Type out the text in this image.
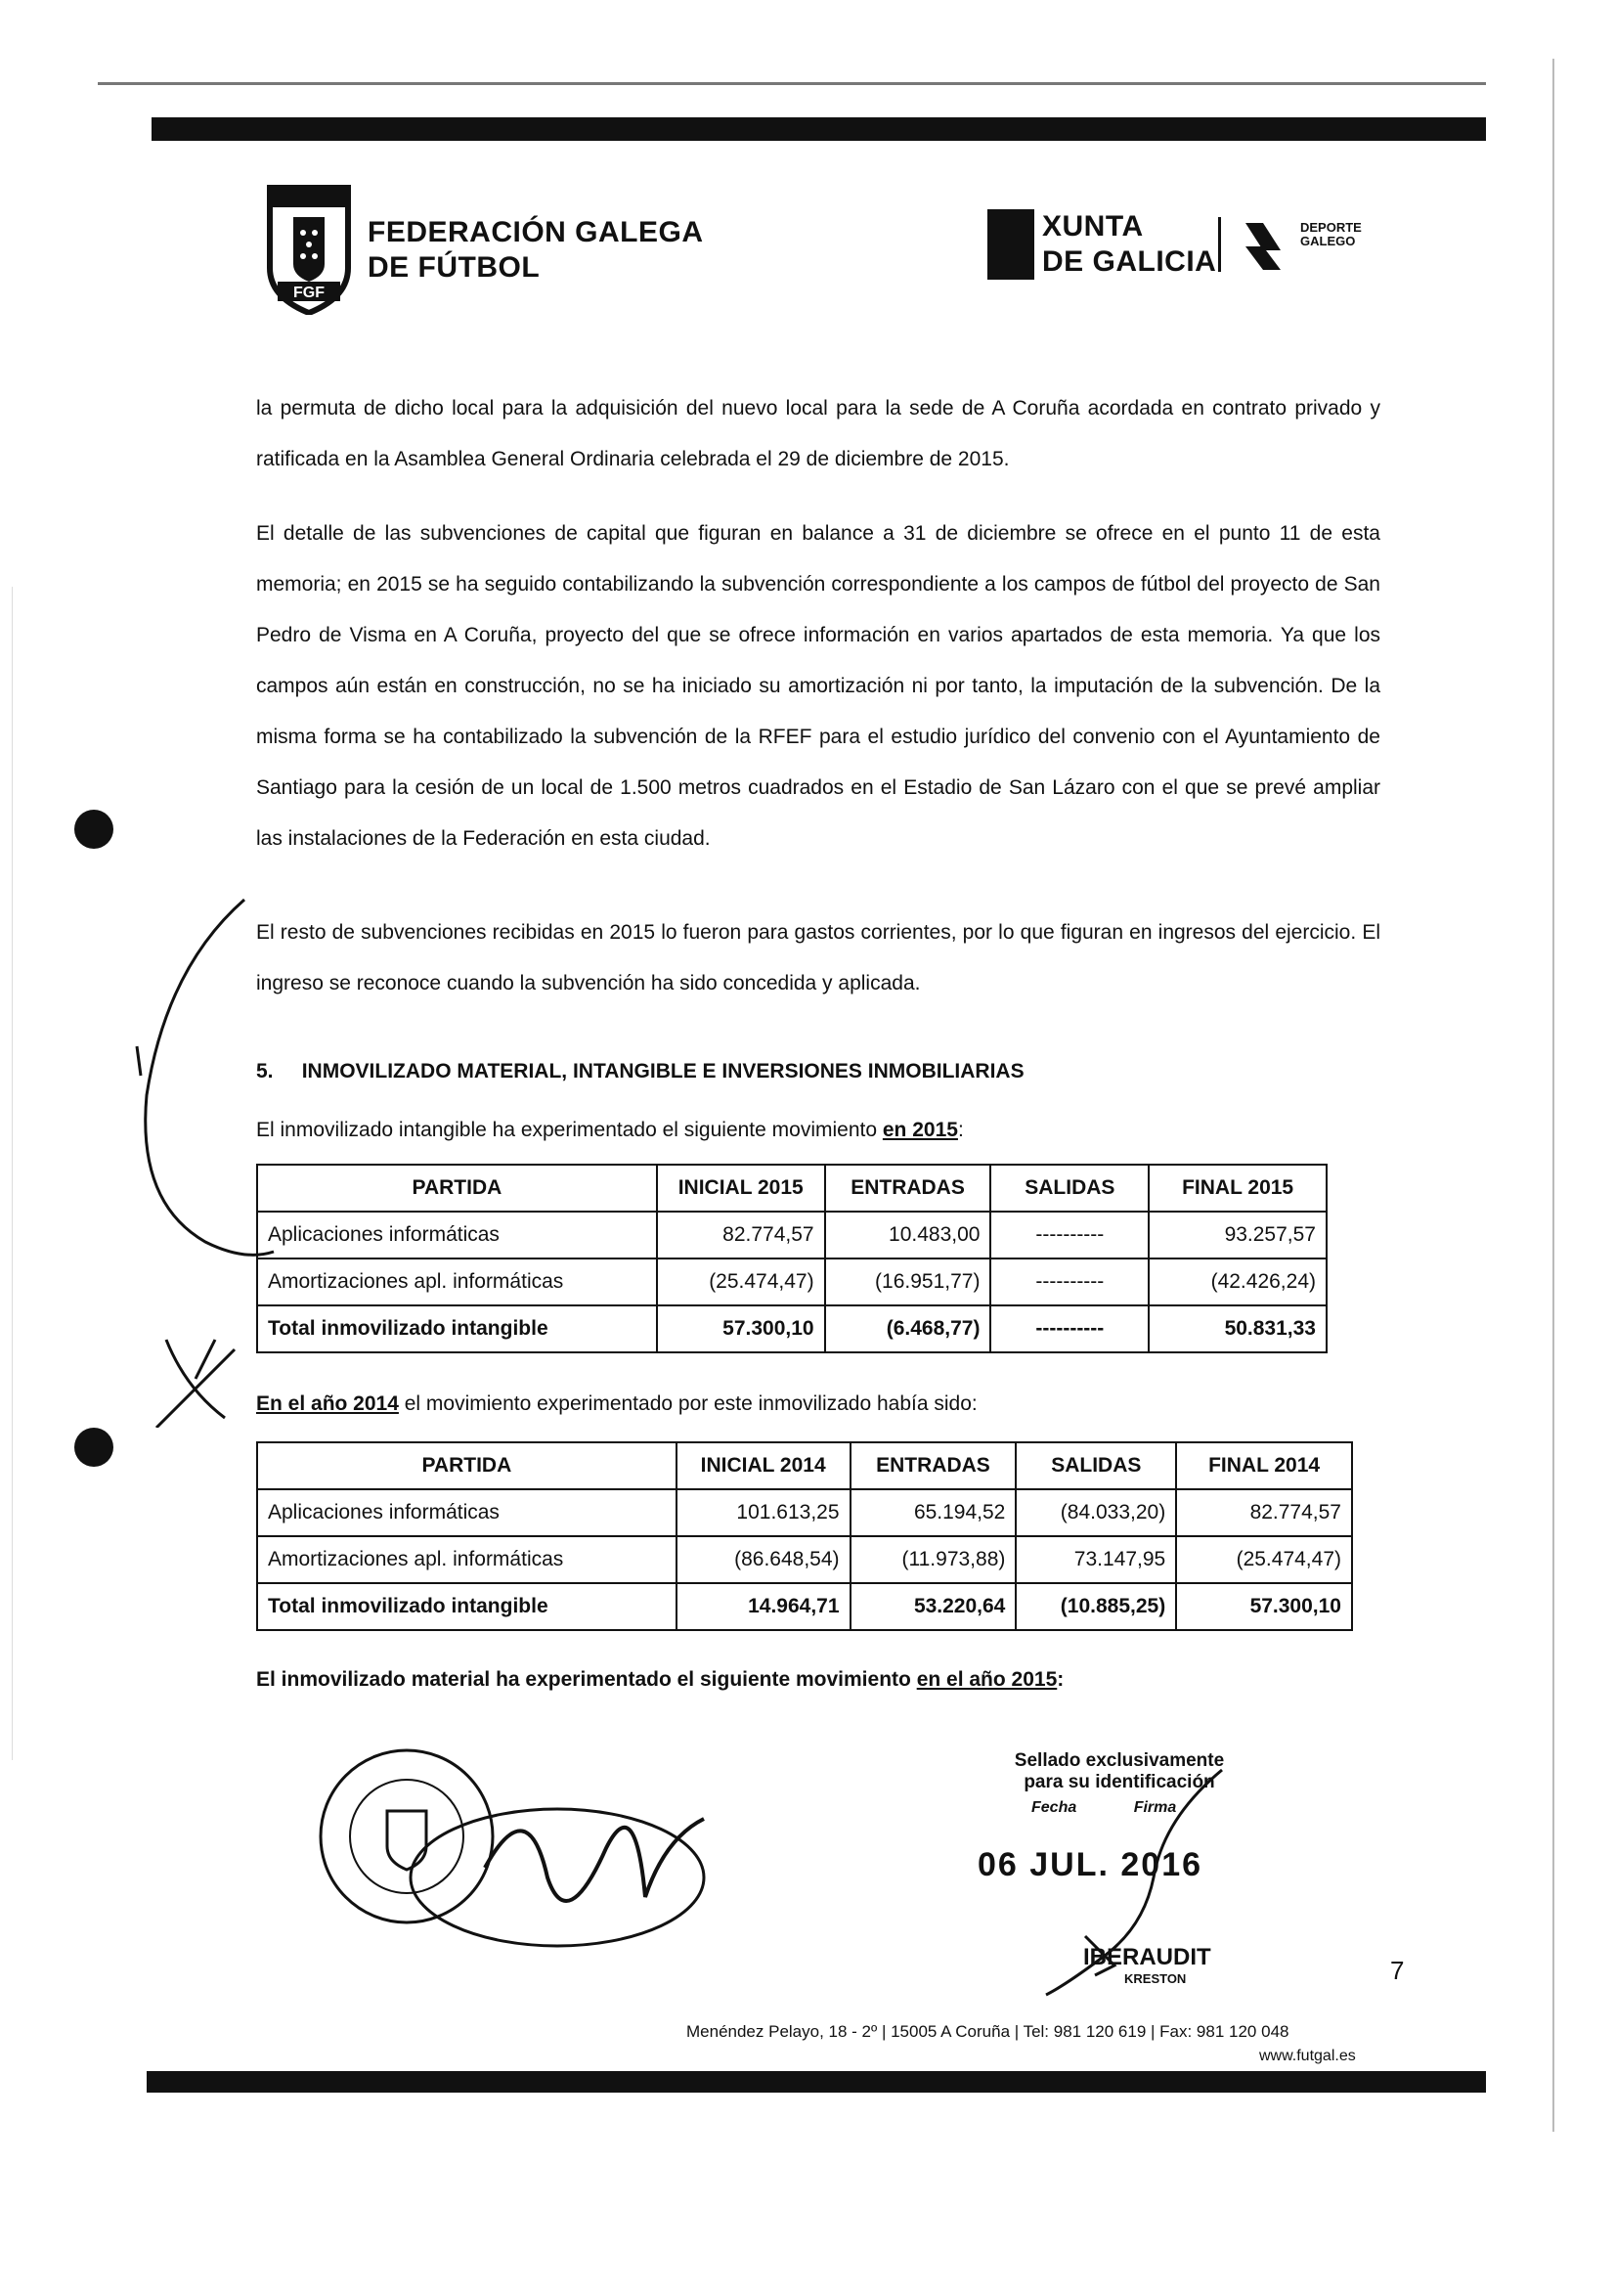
FGF
FEDERACIÓN GALEGA
DE FÚTBOL
XUNTA
DE GALICIA
DEPORTE
GALEGO

la permuta de dicho local para la adquisición del nuevo local para la sede de A Coruña acordada en contrato privado y ratificada en la Asamblea General Ordinaria celebrada el 29 de diciembre de 2015.

El detalle de las subvenciones de capital que figuran en balance a 31 de diciembre se ofrece en el punto 11 de esta memoria; en 2015 se ha seguido contabilizando la subvención correspondiente a los campos de fútbol del proyecto de San Pedro de Visma en A Coruña, proyecto del que se ofrece información en varios apartados de esta memoria. Ya que los campos aún están en construcción, no se ha iniciado su amortización ni por tanto, la imputación de la subvención. De la misma forma se ha contabilizado la subvención de la RFEF para el estudio jurídico del convenio con el Ayuntamiento de Santiago para la cesión de un local de 1.500 metros cuadrados en el Estadio de San Lázaro con el que se prevé ampliar las instalaciones de la Federación en esta ciudad.

El resto de subvenciones recibidas en 2015 lo fueron para gastos corrientes, por lo que figuran en ingresos del ejercicio. El ingreso se reconoce cuando la subvención ha sido concedida y aplicada.

5. INMOVILIZADO MATERIAL, INTANGIBLE E INVERSIONES INMOBILIARIAS
El inmovilizado intangible ha experimentado el siguiente movimiento en 2015:
PARTIDA	INICIAL 2015	ENTRADAS	SALIDAS	FINAL 2015
Aplicaciones informáticas	82.774,57	10.483,00	----------	93.257,57
Amortizaciones apl. informáticas	(25.474,47)	(16.951,77)	----------	(42.426,24)
Total inmovilizado intangible	57.300,10	(6.468,77)	----------	50.831,33
En el año 2014 el movimiento experimentado por este inmovilizado había sido:
PARTIDA	INICIAL 2014	ENTRADAS	SALIDAS	FINAL 2014
Aplicaciones informáticas	101.613,25	65.194,52	(84.033,20)	82.774,57
Amortizaciones apl. informáticas	(86.648,54)	(11.973,88)	73.147,95	(25.474,47)
Total inmovilizado intangible	14.964,71	53.220,64	(10.885,25)	57.300,10
El inmovilizado material ha experimentado el siguiente movimiento en el año 2015:
Sellado exclusivamente
para su identificación
Fecha	Firma
06 JUL. 2016
IBERAUDIT
KRESTON	7
Menéndez Pelayo, 18 - 2º | 15005 A Coruña | Tel: 981 120 619 | Fax: 981 120 048
www.futgal.es
